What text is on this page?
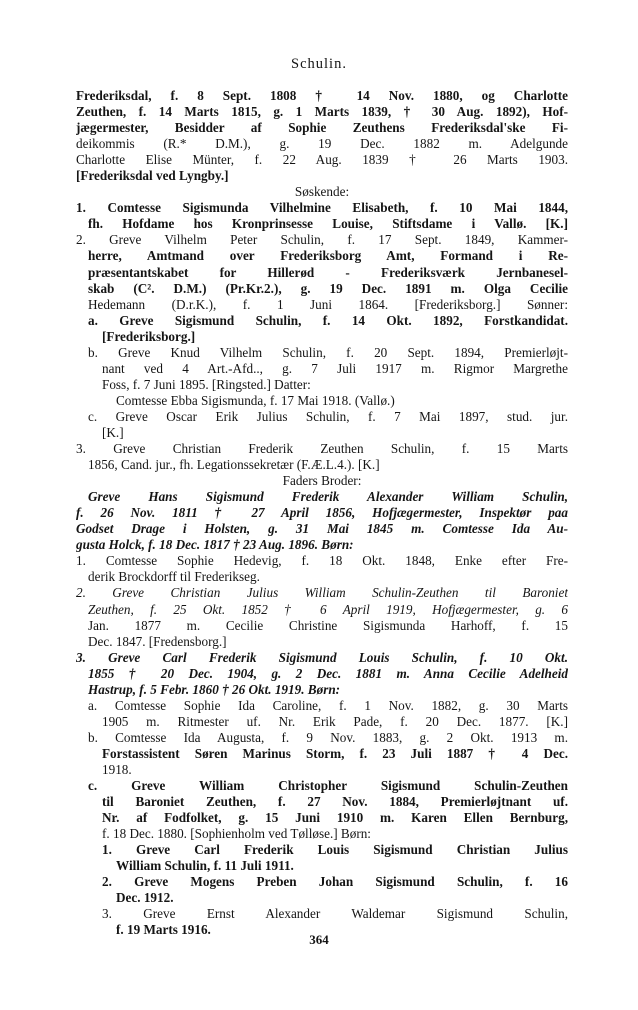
Schulin.
Frederiksdal, f. 8 Sept. 1808 † 14 Nov. 1880, og Charlotte
Zeuthen, f. 14 Marts 1815, g. 1 Marts 1839, † 30 Aug. 1892), Hof-
jægermester, Besidder af Sophie Zeuthens Frederiksdal'ske Fi-
deikommis (R.* D.M.), g. 19 Dec. 1882 m. Adelgunde
Charlotte Elise Münter, f. 22 Aug. 1839 † 26 Marts 1903.
[Frederiksdal ved Lyngby.]
Søskende:
1. Comtesse Sigismunda Vilhelmine Elisabeth, f. 10 Mai 1844,
fh. Hofdame hos Kronprinsesse Louise, Stiftsdame i Vallø. [K.]
2. Greve Vilhelm Peter Schulin, f. 17 Sept. 1849, Kammer-
herre, Amtmand over Frederiksborg Amt, Formand i Re-
præsentantskabet for Hillerød - Frederiksværk Jernbanesel-
skab (C². D.M.) (Pr.Kr.2.), g. 19 Dec. 1891 m. Olga Cecilie
Hedemann (D.r.K.), f. 1 Juni 1864. [Frederiksborg.] Sønner:
a. Greve Sigismund Schulin, f. 14 Okt. 1892, Forstkandidat.
[Frederiksborg.]
b. Greve Knud Vilhelm Schulin, f. 20 Sept. 1894, Premierløjt-
nant ved 4 Art.-Afd.., g. 7 Juli 1917 m. Rigmor Margrethe
Foss, f. 7 Juni 1895. [Ringsted.] Datter:
Comtesse Ebba Sigismunda, f. 17 Mai 1918. (Vallø.)
c. Greve Oscar Erik Julius Schulin, f. 7 Mai 1897, stud. jur.
[K.]
3. Greve Christian Frederik Zeuthen Schulin, f. 15 Marts
1856, Cand. jur., fh. Legationssekretær (F.Æ.L.4.). [K.]
Faders Broder:
Greve Hans Sigismund Frederik Alexander William Schulin,
f. 26 Nov. 1811 † 27 April 1856, Hofjægermester, Inspektør paa
Godset Drage i Holsten, g. 31 Mai 1845 m. Comtesse Ida Au-
gusta Holck, f. 18 Dec. 1817 † 23 Aug. 1896. Børn:
1. Comtesse Sophie Hedevig, f. 18 Okt. 1848, Enke efter Fre-
derik Brockdorff til Frederikseg.
2. Greve Christian Julius William Schulin-Zeuthen til Baroniet
Zeuthen, f. 25 Okt. 1852 † 6 April 1919, Hofjægermester, g. 6
Jan. 1877 m. Cecilie Christine Sigismunda Harhoff, f. 15
Dec. 1847. [Fredensborg.]
3. Greve Carl Frederik Sigismund Louis Schulin, f. 10 Okt.
1855 † 20 Dec. 1904, g. 2 Dec. 1881 m. Anna Cecilie Adelheid
Hastrup, f. 5 Febr. 1860 † 26 Okt. 1919. Børn:
a. Comtesse Sophie Ida Caroline, f. 1 Nov. 1882, g. 30 Marts
1905 m. Ritmester uf. Nr. Erik Pade, f. 20 Dec. 1877. [K.]
b. Comtesse Ida Augusta, f. 9 Nov. 1883, g. 2 Okt. 1913 m.
Forstassistent Søren Marinus Storm, f. 23 Juli 1887 † 4 Dec.
1918.
c. Greve William Christopher Sigismund Schulin-Zeuthen
til Baroniet Zeuthen, f. 27 Nov. 1884, Premierløjtnant uf.
Nr. af Fodfolket, g. 15 Juni 1910 m. Karen Ellen Bernburg,
f. 18 Dec. 1880. [Sophienholm ved Tølløse.] Børn:
1. Greve Carl Frederik Louis Sigismund Christian Julius
William Schulin, f. 11 Juli 1911.
2. Greve Mogens Preben Johan Sigismund Schulin, f. 16
Dec. 1912.
3. Greve Ernst Alexander Waldemar Sigismund Schulin,
f. 19 Marts 1916.
364
